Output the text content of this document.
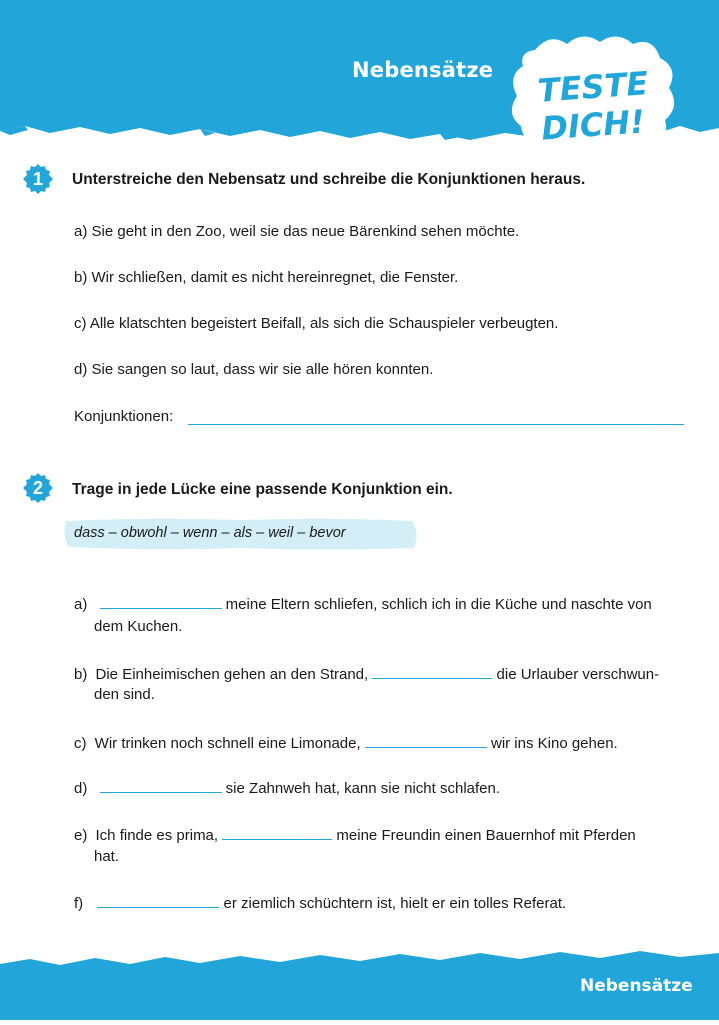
Nebensätze	TESTE
DICH!
1	Unterstreiche den Nebensatz und schreibe die Konjunktionen heraus.
a) Sie geht in den Zoo, weil sie das neue Bärenkind sehen möchte.
b) Wir schließen, damit es nicht hereinregnet, die Fenster.
c) Alle klatschten begeistert Beifall, als sich die Schauspieler verbeugten.
d) Sie sangen so laut, dass wir sie alle hören konnten.
Konjunktionen:
2	Trage in jede Lücke eine passende Konjunktion ein.
dass – obwohl – wenn – als – weil – bevor
a)	meine Eltern schliefen, schlich ich in die Küche und naschte von
dem Kuchen.
b) Die Einheimischen gehen an den Strand,	die Urlauber verschwun-
den sind.
c) Wir trinken noch schnell eine Limonade,	wir ins Kino gehen.
d)	sie Zahnweh hat, kann sie nicht schlafen.
e) Ich finde es prima,	meine Freundin einen Bauernhof mit Pferden
hat.
f)	er ziemlich schüchtern ist, hielt er ein tolles Referat.
Nebensätze
